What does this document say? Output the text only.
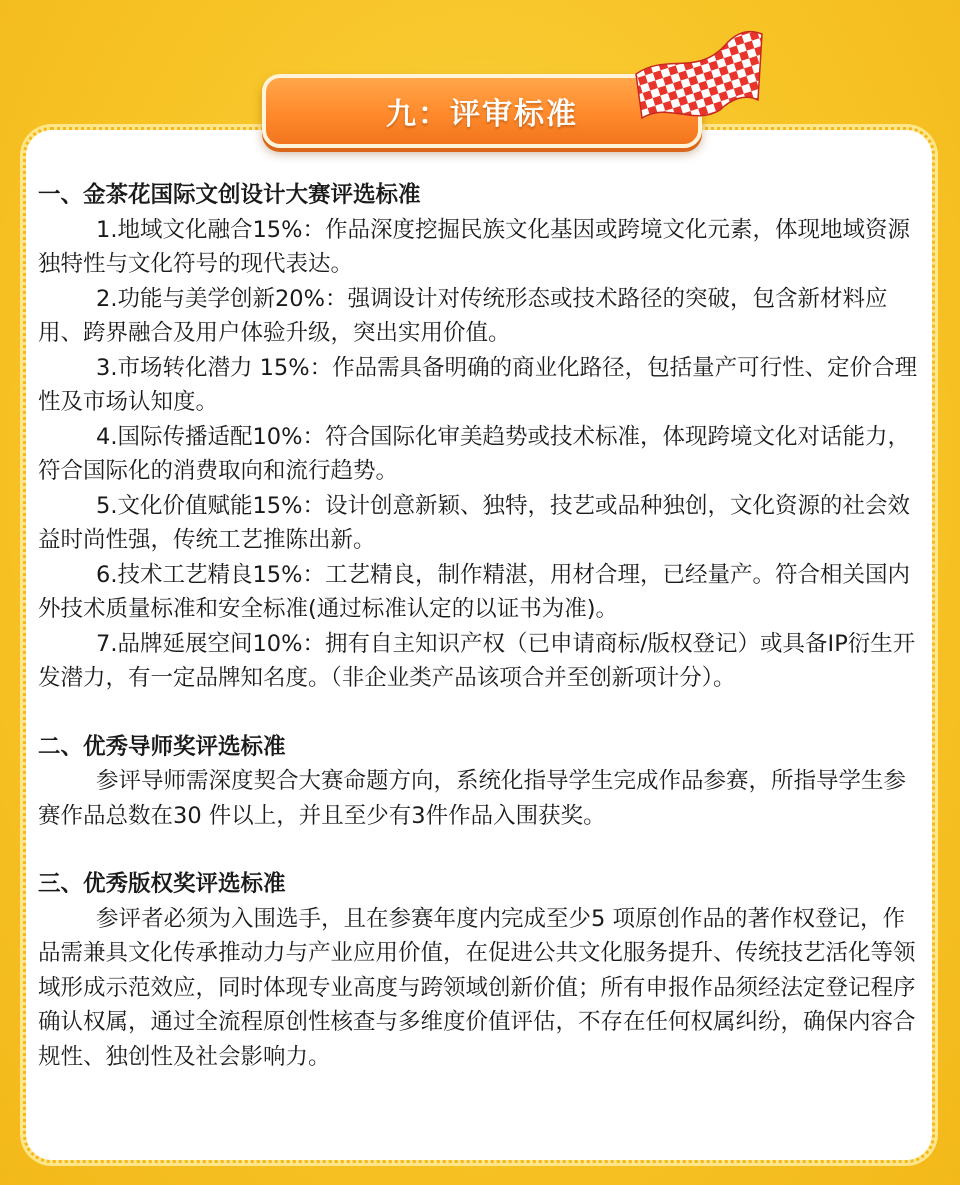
九：评审标准

一、金茶花国际文创设计大赛评选标准

1.地域文化融合15%：作品深度挖掘民族文化基因或跨境文化元素，体现地域资源独特性与文化符号的现代表达。

2.功能与美学创新20%：强调设计对传统形态或技术路径的突破，包含新材料应用、跨界融合及用户体验升级，突出实用价值。

3.市场转化潜力 15%：作品需具备明确的商业化路径，包括量产可行性、定价合理性及市场认知度。

4.国际传播适配10%：符合国际化审美趋势或技术标准，体现跨境文化对话能力，符合国际化的消费取向和流行趋势。

5.文化价值赋能15%：设计创意新颖、独特，技艺或品种独创，文化资源的社会效益时尚性强，传统工艺推陈出新。

6.技术工艺精良15%：工艺精良，制作精湛，用材合理，已经量产。符合相关国内外技术质量标准和安全标准(通过标准认定的以证书为准)。

7.品牌延展空间10%：拥有自主知识产权（已申请商标/版权登记）或具备IP衍生开发潜力，有一定品牌知名度。（非企业类产品该项合并至创新项计分）。

二、优秀导师奖评选标准

参评导师需深度契合大赛命题方向，系统化指导学生完成作品参赛，所指导学生参赛作品总数在30 件以上，并且至少有3件作品入围获奖。

三、优秀版权奖评选标准

参评者必须为入围选手，且在参赛年度内完成至少5 项原创作品的著作权登记，作品需兼具文化传承推动力与产业应用价值，在促进公共文化服务提升、传统技艺活化等领域形成示范效应，同时体现专业高度与跨领域创新价值；所有申报作品须经法定登记程序确认权属，通过全流程原创性核查与多维度价值评估，不存在任何权属纠纷，确保内容合规性、独创性及社会影响力。
